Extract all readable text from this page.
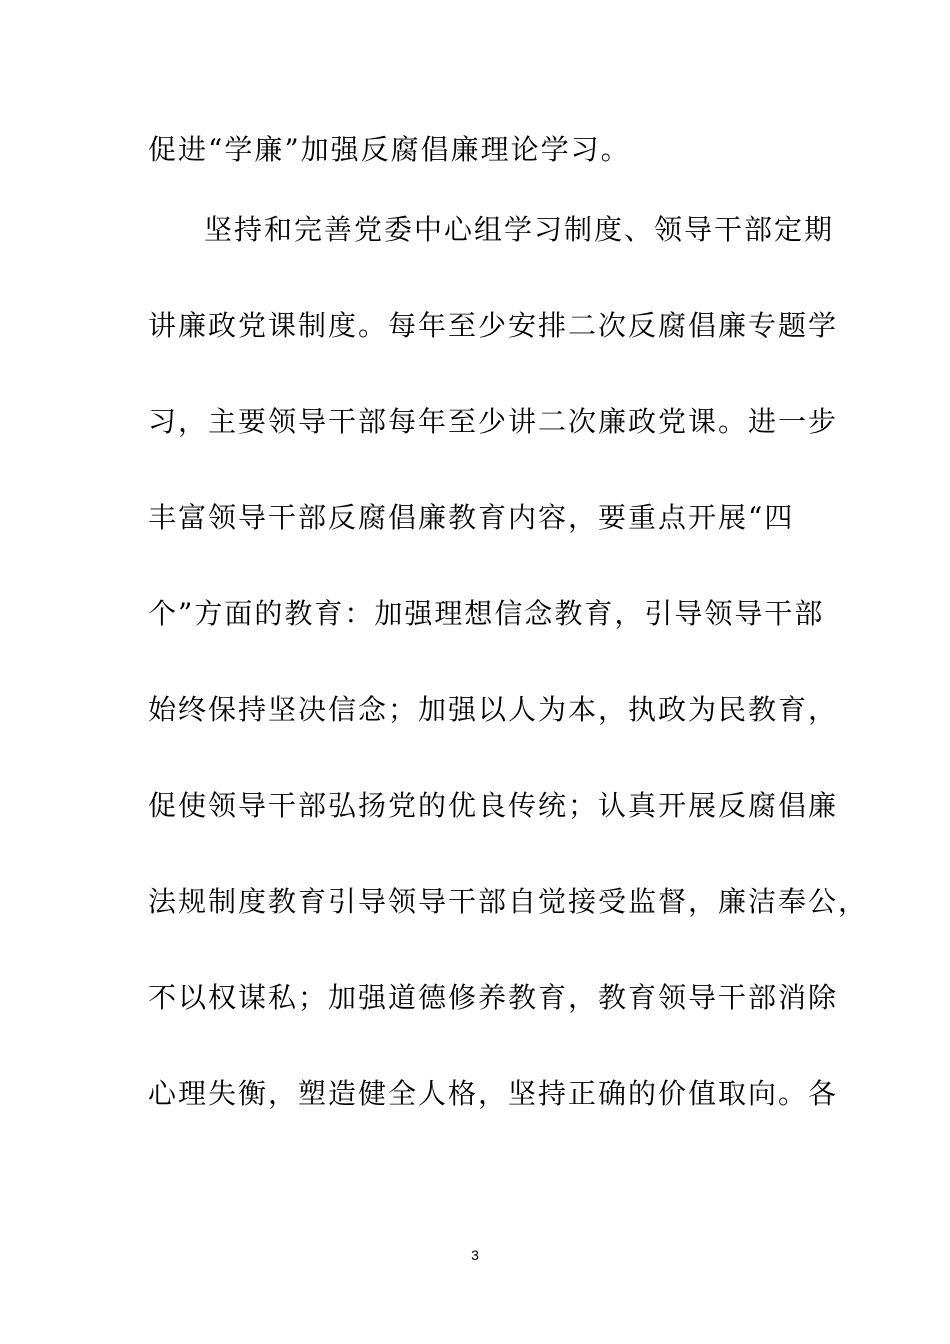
促进“学廉”加强反腐倡廉理论学习。
坚持和完善党委中心组学习制度、领导干部定期
讲廉政党课制度。每年至少安排二次反腐倡廉专题学
习，主要领导干部每年至少讲二次廉政党课。进一步
丰富领导干部反腐倡廉教育内容，要重点开展“四
个”方面的教育：加强理想信念教育，引导领导干部
始终保持坚决信念；加强以人为本，执政为民教育，
促使领导干部弘扬党的优良传统；认真开展反腐倡廉
法规制度教育引导领导干部自觉接受监督，廉洁奉公，
不以权谋私；加强道德修养教育，教育领导干部消除
心理失衡，塑造健全人格，坚持正确的价值取向。各
3
